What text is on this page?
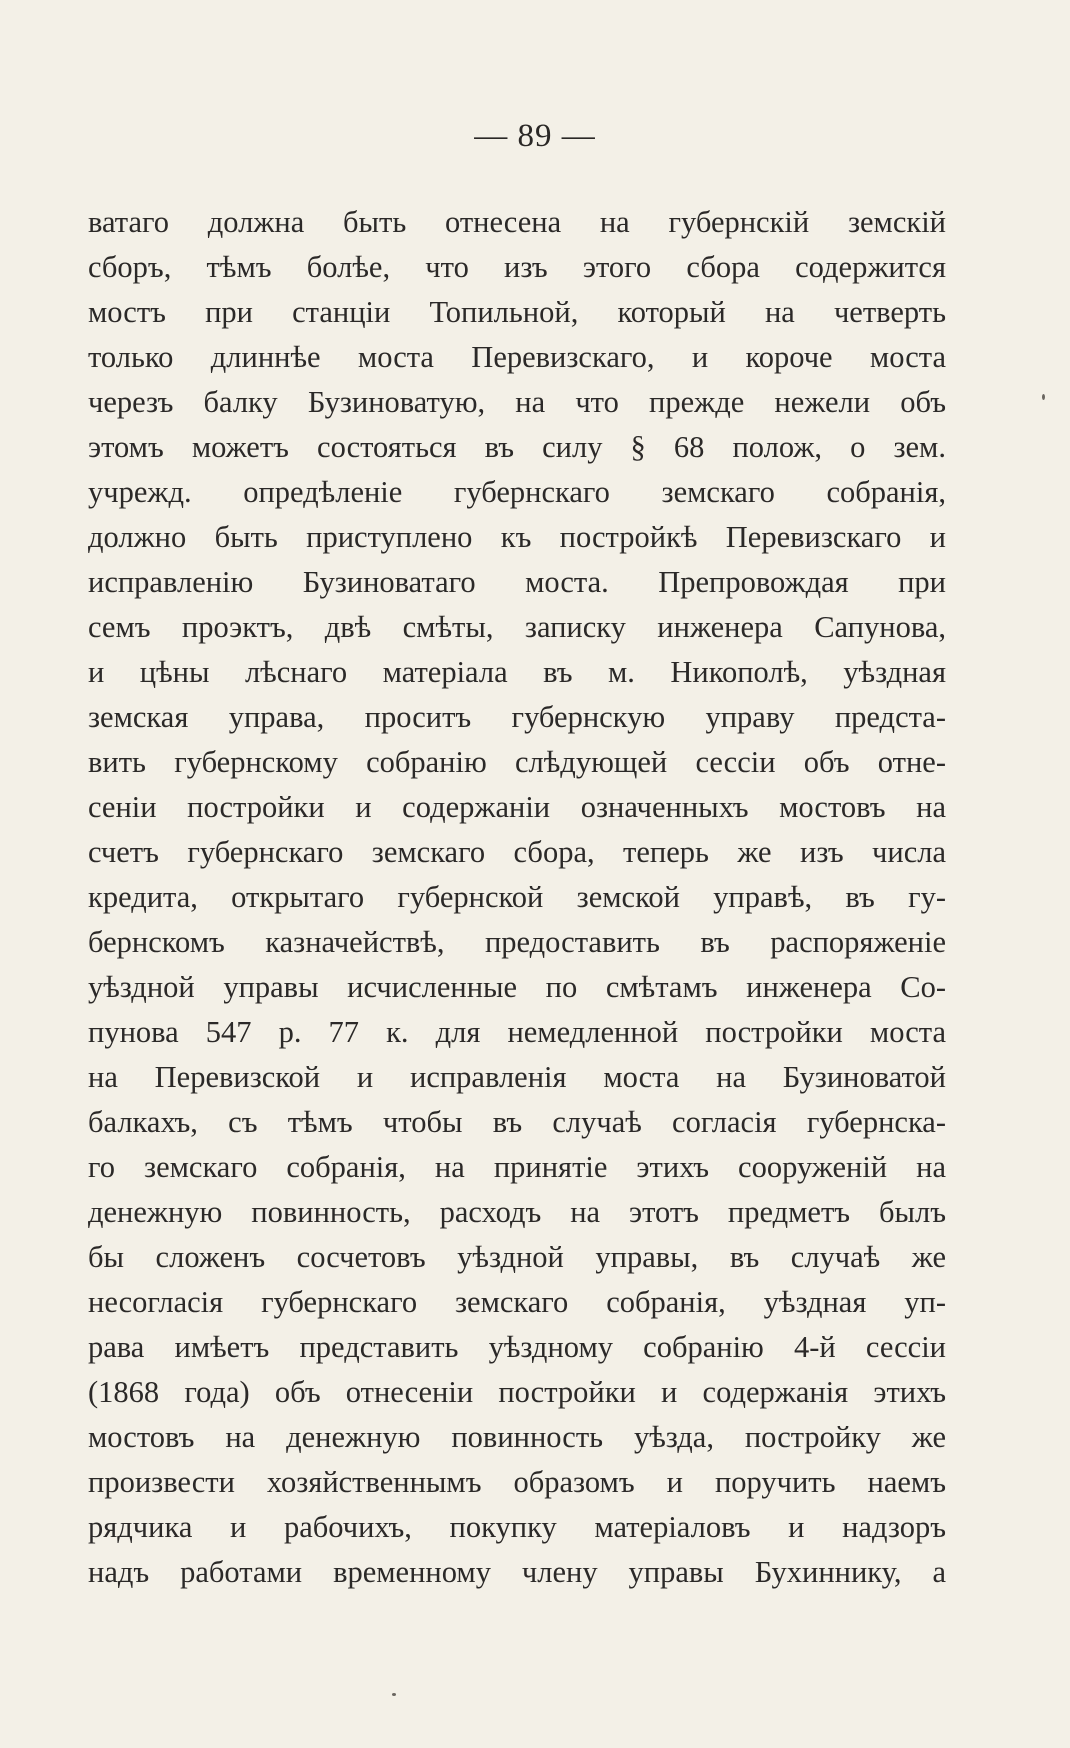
— 89 —
ватаго должна быть отнесена на губернскій земскій
сборъ, тѣмъ болѣе, что изъ этого сбора содержится
мостъ при станціи Топильной, который на четверть
только длиннѣе моста Перевизскаго, и короче моста
черезъ балку Бузиноватую, на что прежде нежели объ
этомъ можетъ состояться въ силу § 68 полож, о зем.
учрежд. опредѣленіе губернскаго земскаго собранія,
должно быть приступлено къ постройкѣ Перевизскаго и
исправленію Бузиноватаго моста. Препровождая при
семъ проэктъ, двѣ смѣты, записку инженера Сапунова,
и цѣны лѣснаго матеріала въ м. Никополѣ, уѣздная
земская управа, проситъ губернскую управу предста-
вить губернскому собранію слѣдующей сессіи объ отне-
сеніи постройки и содержаніи означенныхъ мостовъ на
счетъ губернскаго земскаго сбора, теперь же изъ числа
кредита, открытаго губернской земской управѣ, въ гу-
бернскомъ казначействѣ, предоставить въ распоряженіе
уѣздной управы исчисленные по смѣтамъ инженера Со-
пунова 547 р. 77 к. для немедленной постройки моста
на Перевизской и исправленія моста на Бузиноватой
балкахъ, съ тѣмъ чтобы въ случаѣ согласія губернска-
го земскаго собранія, на принятіе этихъ сооруженій на
денежную повинность, расходъ на этотъ предметъ былъ
бы сложенъ сосчетовъ уѣздной управы, въ случаѣ же
несогласія губернскаго земскаго собранія, уѣздная уп-
рава имѣетъ представить уѣздному собранію 4-й сессіи
(1868 года) объ отнесеніи постройки и содержанія этихъ
мостовъ на денежную повинность уѣзда, постройку же
произвести хозяйственнымъ образомъ и поручить наемъ
рядчика и рабочихъ, покупку матеріаловъ и надзоръ
надъ работами временному члену управы Бухиннику, а
